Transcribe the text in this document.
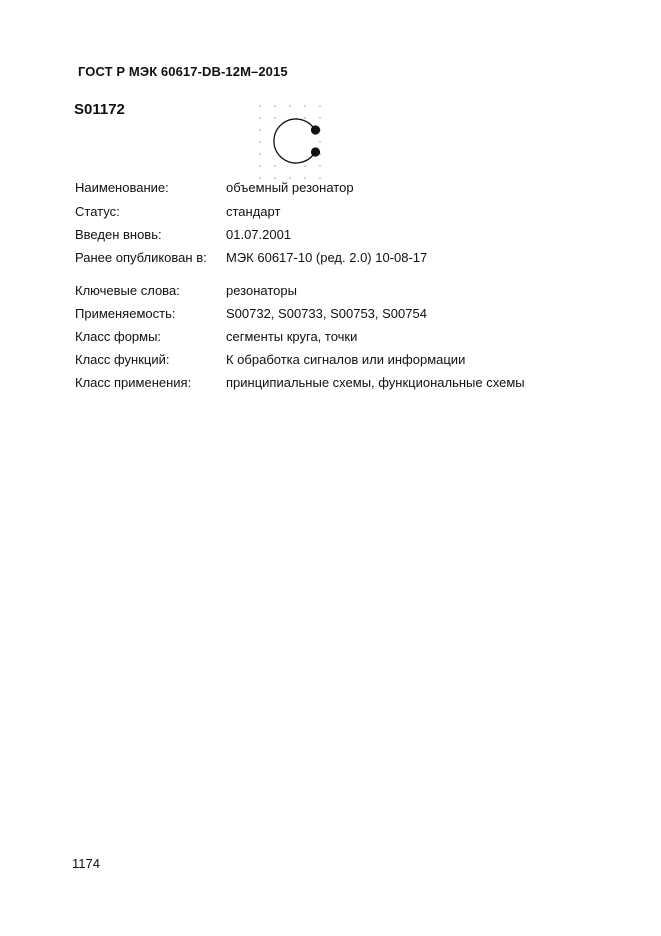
ГОСТ Р МЭК 60617-DB-12M–2015
S01172
Наименование:	объемный резонатор
Статус:	стандарт
Введен вновь:	01.07.2001
Ранее опубликован в: МЭК 60617-10 (ред. 2.0) 10-08-17
Ключевые слова:	резонаторы
Применяемость:	S00732, S00733, S00753, S00754
Класс формы:	сегменты круга, точки
Класс функций:	К обработка сигналов или информации
Класс применения:	принципиальные схемы, функциональные схемы
1174
